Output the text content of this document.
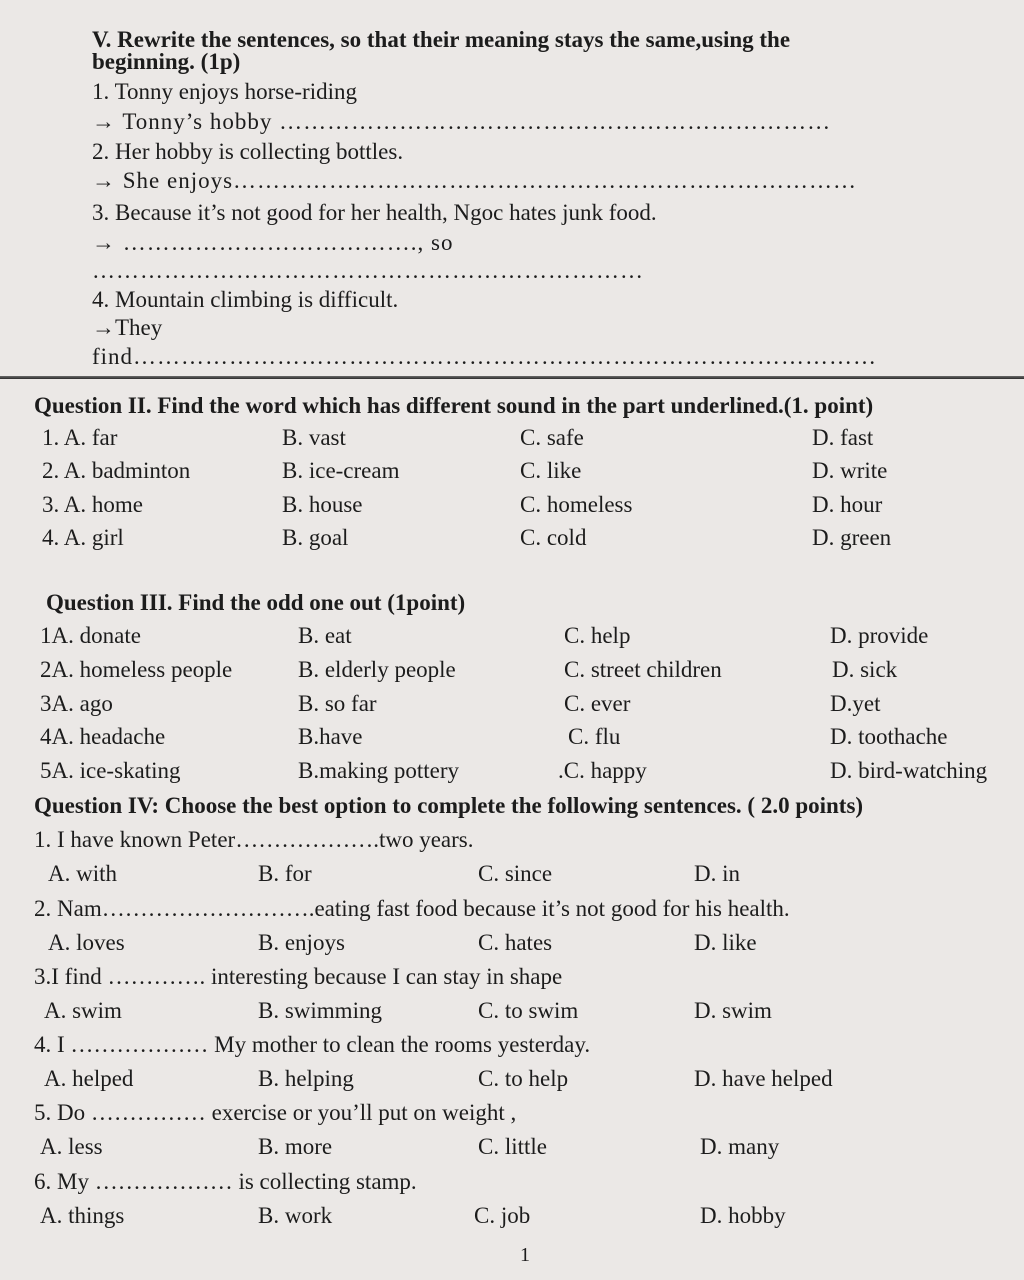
V. Rewrite the sentences, so that their meaning stays the same,using the
beginning. (1p)
1. Tonny enjoys horse-riding
→ Tonny’s hobby ……………………………………………………………
2. Her hobby is collecting bottles.
→ She enjoys……………………………………………………………………
3. Because it’s not good for her health, Ngoc hates junk food.
→ ………………………………., so
……………………………………………………………
4. Mountain climbing is difficult.
→They
find…………………………………………………………………………………
Question II. Find the word which has different sound in the part underlined.(1. point)
1. A. far	B. vast	C. safe	D. fast
2. A. badminton	B. ice-cream	C. like	D. write
3. A. home	B. house	C. homeless	D. hour
4. A. girl	B. goal	C. cold	D. green
Question III. Find the odd one out (1point)
1A. donate	B. eat	C. help	D. provide
2A. homeless people	B. elderly people	C. street children	D. sick
3A. ago	B. so far	C. ever	D.yet
4A. headache	B.have	C. flu	D. toothache
5A. ice-skating	B.making pottery	.C. happy	D. bird-watching
Question IV: Choose the best option to complete the following sentences. ( 2.0 points)
1. I have known Peter……………….two years.
A. with	B. for	C. since	D. in
2. Nam……………………….eating fast food because it’s not good for his health.
A. loves	B. enjoys	C. hates	D. like
3.I find …………. interesting because I can stay in shape
A. swim	B. swimming	C. to swim	D. swim
4. I ……………… My mother to clean the rooms yesterday.
A. helped	B. helping	C. to help	D. have helped
5. Do …………… exercise or you’ll put on weight ,
A. less	B. more	C. little	D. many
6. My ……………… is collecting stamp.
A. things	B. work	C. job	D. hobby
1
